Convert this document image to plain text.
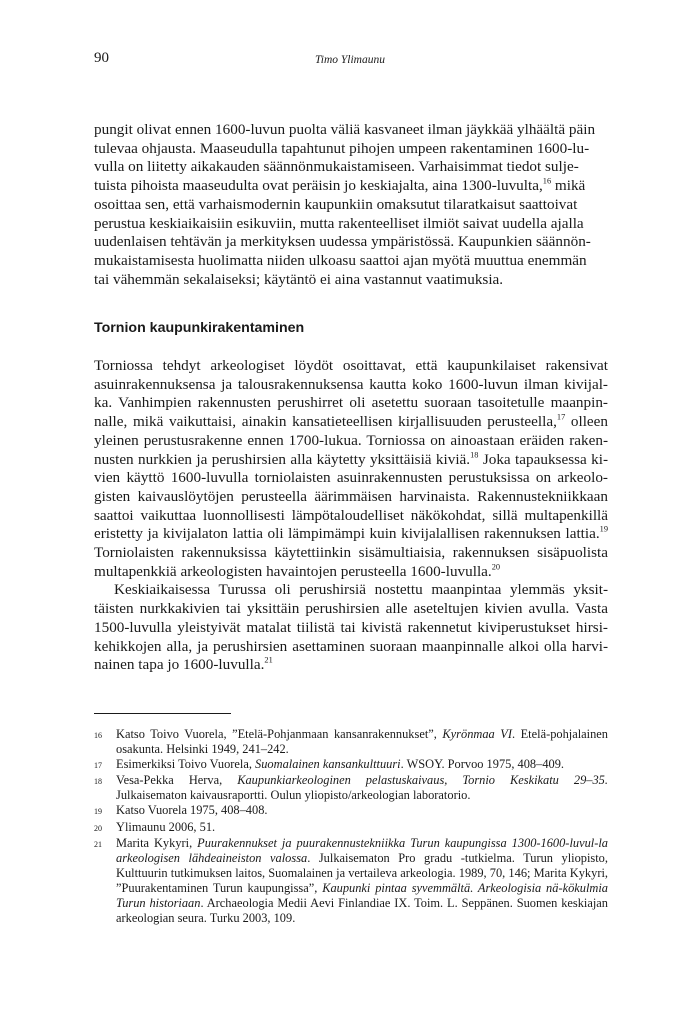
90	Timo Ylimaunu

pungit olivat ennen 1600-luvun puolta väliä kasvaneet ilman jäykkää ylhäältä päin
tulevaa ohjausta. Maaseudulla tapahtunut pihojen umpeen rakentaminen 1600-lu-
vulla on liitetty aikakauden säännönmukaistamiseen. Varhaisimmat tiedot sulje-
tuista pihoista maaseudulta ovat peräisin jo keskiajalta, aina 1300-luvulta,$^{16}$ mikä
osoittaa sen, että varhaismodernin kaupunkiin omaksutut tilaratkaisut saattoivat
perustua keskiaikaisiin esikuviin, mutta rakenteelliset ilmiöt saivat uudella ajalla
uudenlaisen tehtävän ja merkityksen uudessa ympäristössä. Kaupunkien säännön-
mukaistamisesta huolimatta niiden ulkoasu saattoi ajan myötä muuttua enemmän
tai vähemmän sekalaiseksi; käytäntö ei aina vastannut vaatimuksia.

Tornion kaupunkirakentaminen

Torniossa tehdyt arkeologiset löydöt osoittavat, että kaupunkilaiset rakensivat asuinrakennuksensa ja talousrakennuksensa kautta koko 1600-luvun ilman kivijal-ka. Vanhimpien rakennusten perushirret oli asetettu suoraan tasoitetulle maanpin-nalle, mikä vaikuttaisi, ainakin kansatieteellisen kirjallisuuden perusteella,$^{17}$ olleen yleinen perustusrakenne ennen 1700-lukua. Torniossa on ainoastaan eräiden raken-nusten nurkkien ja perushirsien alla käytetty yksittäisiä kiviä.$^{18}$ Joka tapauksessa ki-vien käyttö 1600-luvulla torniolaisten asuinrakennusten perustuksissa on arkeolo-gisten kaivauslöytöjen perusteella äärimmäisen harvinaista. Rakennustekniikkaan saattoi vaikuttaa luonnollisesti lämpötaloudelliset näkökohdat, sillä multapenkillä eristetty ja kivijalaton lattia oli lämpimämpi kuin kivijalallisen rakennuksen lattia.$^{19}$ Torniolaisten rakennuksissa käytettiinkin sisämultiaisia, rakennuksen sisäpuolista multapenkkiä arkeologisten havaintojen perusteella 1600-luvulla.$^{20}$

Keskiaikaisessa Turussa oli perushirsiä nostettu maanpintaa ylemmäs yksit-täisten nurkkakivien tai yksittäin perushirsien alle aseteltujen kivien avulla. Vasta 1500-luvulla yleistyivät matalat tiilistä tai kivistä rakennetut kiviperustukset hirsi-kehikkojen alla, ja perushirsien asettaminen suoraan maanpinnalle alkoi olla harvi-nainen tapa jo 1600-luvulla.$^{21}$

16	Katso Toivo Vuorela, ”Etelä-Pohjanmaan kansanrakennukset”, Kyrönmaa VI. Etelä-pohjalainen osakunta. Helsinki 1949, 241–242.
17	Esimerkiksi Toivo Vuorela, Suomalainen kansankulttuuri. WSOY. Porvoo 1975, 408–409.
18	Vesa-Pekka Herva, Kaupunkiarkeologinen pelastuskaivaus, Tornio Keskikatu 29–35. Julkaisematon kaivausraportti. Oulun yliopisto/arkeologian laboratorio.
19	Katso Vuorela 1975, 408–408.
20	Ylimaunu 2006, 51.
21	Marita Kykyri, Puurakennukset ja puurakennustekniikka Turun kaupungissa 1300-1600-luvul-la arkeologisen lähdeaineiston valossa. Julkaisematon Pro gradu -tutkielma. Turun yliopisto, Kulttuurin tutkimuksen laitos, Suomalainen ja vertaileva arkeologia. 1989, 70, 146; Marita Kykyri, ”Puurakentaminen Turun kaupungissa”, Kaupunki pintaa syvemmältä. Arkeologisia nä-kökulmia Turun historiaan. Archaeologia Medii Aevi Finlandiae IX. Toim. L. Seppänen. Suomen keskiajan arkeologian seura. Turku 2003, 109.
